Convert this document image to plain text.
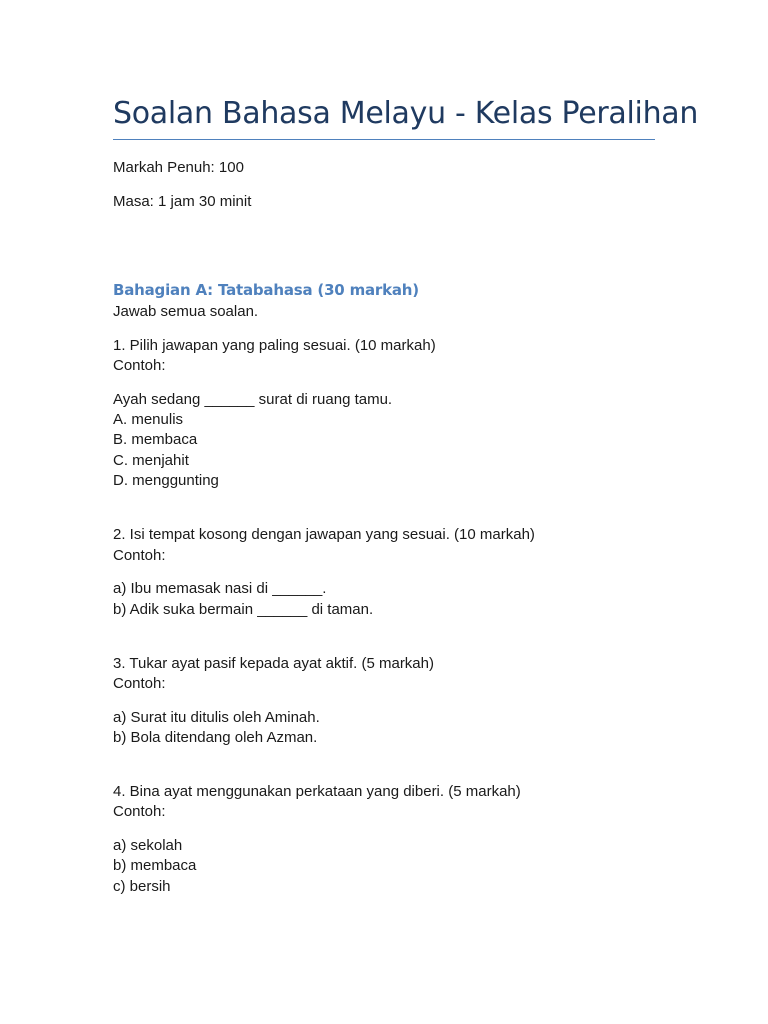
Soalan Bahasa Melayu - Kelas Peralihan
Markah Penuh: 100
Masa: 1 jam 30 minit
Bahagian A: Tatabahasa (30 markah)
Jawab semua soalan.
1. Pilih jawapan yang paling sesuai. (10 markah)
Contoh:
Ayah sedang ______ surat di ruang tamu.
A. menulis
B. membaca
C. menjahit
D. menggunting
2. Isi tempat kosong dengan jawapan yang sesuai. (10 markah)
Contoh:
a) Ibu memasak nasi di ______.
b) Adik suka bermain ______ di taman.
3. Tukar ayat pasif kepada ayat aktif. (5 markah)
Contoh:
a) Surat itu ditulis oleh Aminah.
b) Bola ditendang oleh Azman.
4. Bina ayat menggunakan perkataan yang diberi. (5 markah)
Contoh:
a) sekolah
b) membaca
c) bersih
